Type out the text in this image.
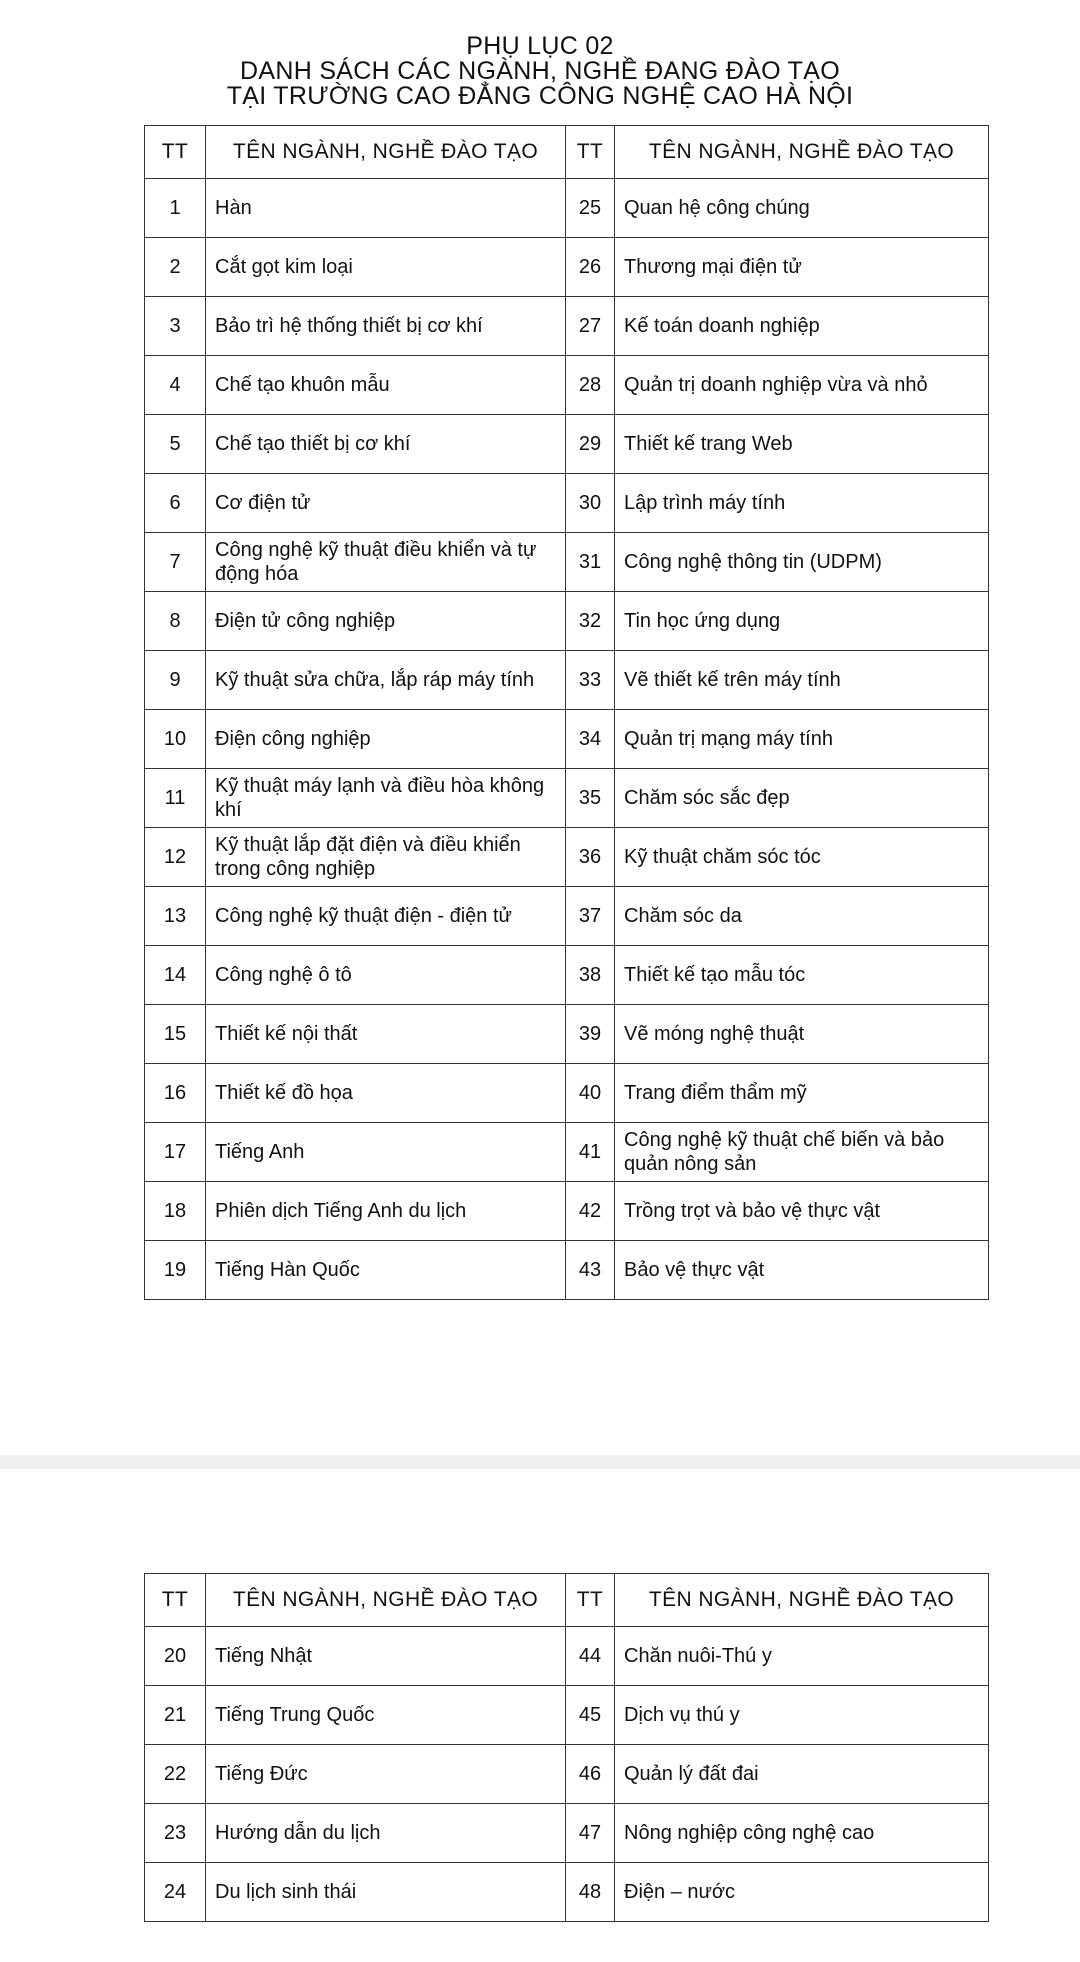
PHỤ LỤC 02
DANH SÁCH CÁC NGÀNH, NGHỀ ĐANG ĐÀO TẠO
TẠI TRƯỜNG CAO ĐẲNG CÔNG NGHỆ CAO HÀ NỘI
TT	TÊN NGÀNH, NGHỀ ĐÀO TẠO	TT	TÊN NGÀNH, NGHỀ ĐÀO TẠO
1	Hàn	25	Quan hệ công chúng
2	Cắt gọt kim loại	26	Thương mại điện tử
3	Bảo trì hệ thống thiết bị cơ khí	27	Kế toán doanh nghiệp
4	Chế tạo khuôn mẫu	28	Quản trị doanh nghiệp vừa và nhỏ
5	Chế tạo thiết bị cơ khí	29	Thiết kế trang Web
6	Cơ điện tử	30	Lập trình máy tính
7	Công nghệ kỹ thuật điều khiển và tự động hóa	31	Công nghệ thông tin (UDPM)
8	Điện tử công nghiệp	32	Tin học ứng dụng
9	Kỹ thuật sửa chữa, lắp ráp máy tính	33	Vẽ thiết kế trên máy tính
10	Điện công nghiệp	34	Quản trị mạng máy tính
11	Kỹ thuật máy lạnh và điều hòa không khí	35	Chăm sóc sắc đẹp
12	Kỹ thuật lắp đặt điện và điều khiển trong công nghiệp	36	Kỹ thuật chăm sóc tóc
13	Công nghệ kỹ thuật điện - điện tử	37	Chăm sóc da
14	Công nghệ ô tô	38	Thiết kế tạo mẫu tóc
15	Thiết kế nội thất	39	Vẽ móng nghệ thuật
16	Thiết kế đồ họa	40	Trang điểm thẩm mỹ
17	Tiếng Anh	41	Công nghệ kỹ thuật chế biến và bảo quản nông sản
18	Phiên dịch Tiếng Anh du lịch	42	Trồng trọt và bảo vệ thực vật
19	Tiếng Hàn Quốc	43	Bảo vệ thực vật
TT	TÊN NGÀNH, NGHỀ ĐÀO TẠO	TT	TÊN NGÀNH, NGHỀ ĐÀO TẠO
20	Tiếng Nhật	44	Chăn nuôi-Thú y
21	Tiếng Trung Quốc	45	Dịch vụ thú y
22	Tiếng Đức	46	Quản lý đất đai
23	Hướng dẫn du lịch	47	Nông nghiệp công nghệ cao
24	Du lịch sinh thái	48	Điện – nước
